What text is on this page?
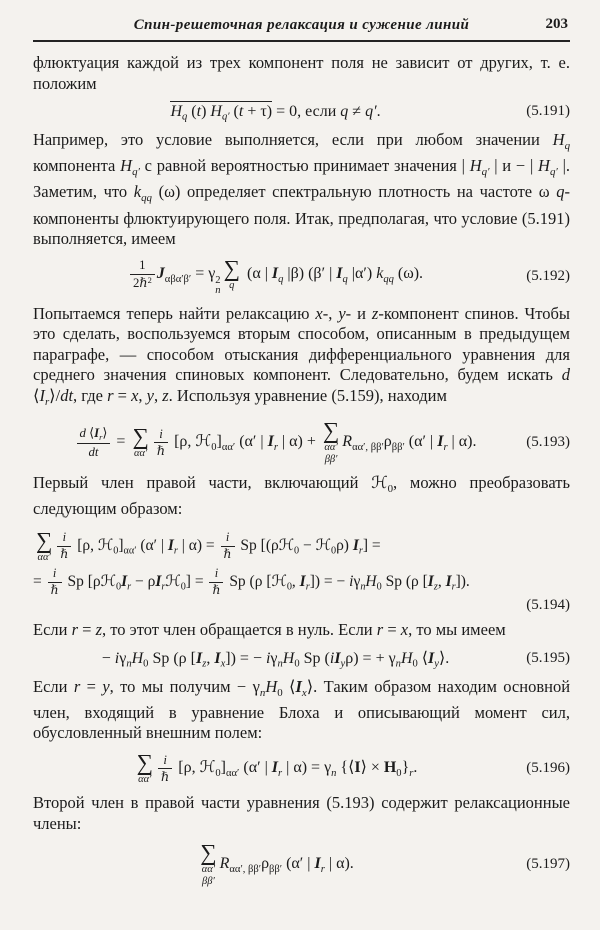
Спин-решеточная релаксация и сужение линий	203

флюктуация каждой из трех компонент поля не зависит от других, т. е. положим

$H_q$ (t) $H_{q'}$ (t + τ) = 0, если q ≠ q′.	(5.191)

Например, это условие выполняется, если при любом значении $H_q$ компонента $H_{q'}$ с равной вероятностью принимает значения | $H_{q'}$ | и − | $H_{q'}$ |. Заметим, что $k_{qq}$ (ω) определяет спектральную плотность на частоте ω q-компоненты флюктуирующего поля. Итак, предполагая, что условие (5.191) выполняется, имеем

$\frac{1}{2\hbar^2} J_{\alpha\beta\alpha'\beta'} = \gamma$ 2
n
∑
q
(α | $I_q$ |β) (β′ | $I_q$ |α′) $k_{qq}$ (ω).	(5.192)

Попытаемся теперь найти релаксацию x-, y- и z-компонент спинов. Чтобы это сделать, воспользуемся вторым способом, описанным в предыдущем параграфе, — способом отыскания дифференциального уравнения для среднего значения спиновых компонент. Следовательно, будем искать d $⟨I_r⟩/dt$, где r = x, y, z. Используя уравнение (5.159), находим

$\frac{d ⟨I_r⟩}{dt}$ = ∑
$\alpha\alpha' \frac{i}{\text{ℏ}} [\rho$, $ℋ_0]_{\alpha\alpha'}$ (α′ | $I_r$ | α) + ∑
αα′
ββ′
$R_{\alpha\alpha', \beta\beta'}\rho_{\beta\beta'}$ (α′ | $I_r$ | α).	(5.193)

Первый член правой части, включающий ℋ$_0$, можно преобразовать следующим образом:

∑
$\alpha\alpha' \frac{i}{\text{ℏ}} [\rho$, $ℋ_0]_{\alpha\alpha'}$ (α′ | $I_r$ | $\alpha) = \frac{i}{\text{ℏ}}$ Sp [(ρℋ$_0$ − ℋ$_0$ρ) $I_r$] =
= $\frac{i}{\text{ℏ}}$ Sp [$\rho ℋ_0I_r$ − $\rho I_rℋ_0] = \frac{i}{\text{ℏ}}$ Sp (ρ [ℋ$_0$, $I_r$]) = − $i\gamma_nH_0$ Sp (ρ [$I_z$, $I_r$]).
(5.194)

Если r = z, то этот член обращается в нуль. Если r = x, то мы имеем

− $i\gamma_nH_0$ Sp (ρ [$I_z$, $I_x$]) = − $i\gamma_nH_0$ Sp $(iI_y\rho)$ = + $\gamma_nH_0$ $⟨I_y⟩$.	(5.195)

Если r = y, то мы получим − $\gamma_nH_0$ $⟨I_x⟩$. Таким образом находим основной член, входящий в уравнение Блоха и описывающий момент сил, обусловленный внешним полем:

∑
$\alpha\alpha' \frac{i}{\text{ℏ}} [\rho$, $ℋ_0]_{\alpha\alpha'}$ (α′ | $I_r$ | $\alpha) = \gamma_n$ {⟨I⟩ × $H_0\}_r$.	(5.196)

Второй член в правой части уравнения (5.193) содержит релаксационные члены:

∑
αα′
ββ′
$R_{\alpha\alpha', \beta\beta'}\rho_{\beta\beta'}$ (α′ | $I_r$ | α).	(5.197)
